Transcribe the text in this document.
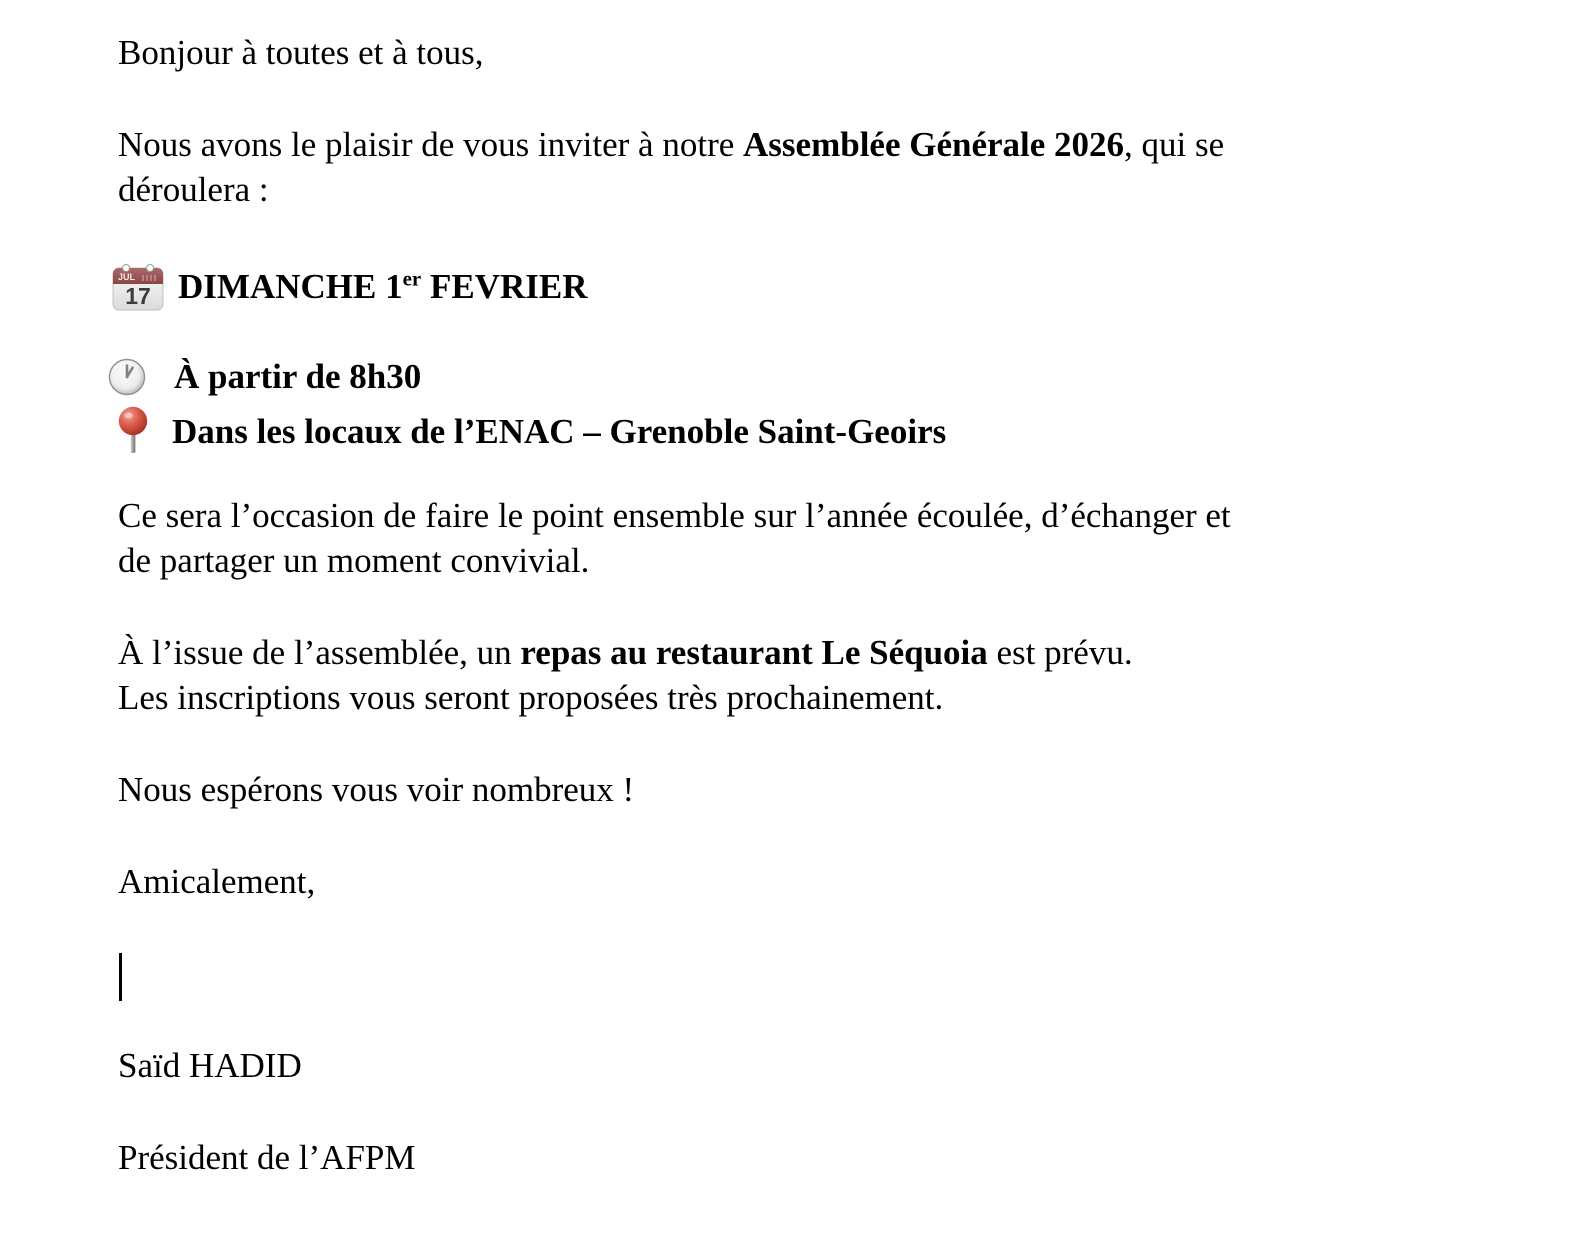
Bonjour à toutes et à tous,

Nous avons le plaisir de vous inviter à notre Assemblée Générale 2026, qui se
déroulera :

JUL
17 DIMANCHE 1er FEVRIER

À partir de 8h30

Dans les locaux de l’ENAC – Grenoble Saint-Geoirs

Ce sera l’occasion de faire le point ensemble sur l’année écoulée, d’échanger et
de partager un moment convivial.

À l’issue de l’assemblée, un repas au restaurant Le Séquoia est prévu.
Les inscriptions vous seront proposées très prochainement.

Nous espérons vous voir nombreux !

Amicalement,

Saïd HADID

Président de l’AFPM
